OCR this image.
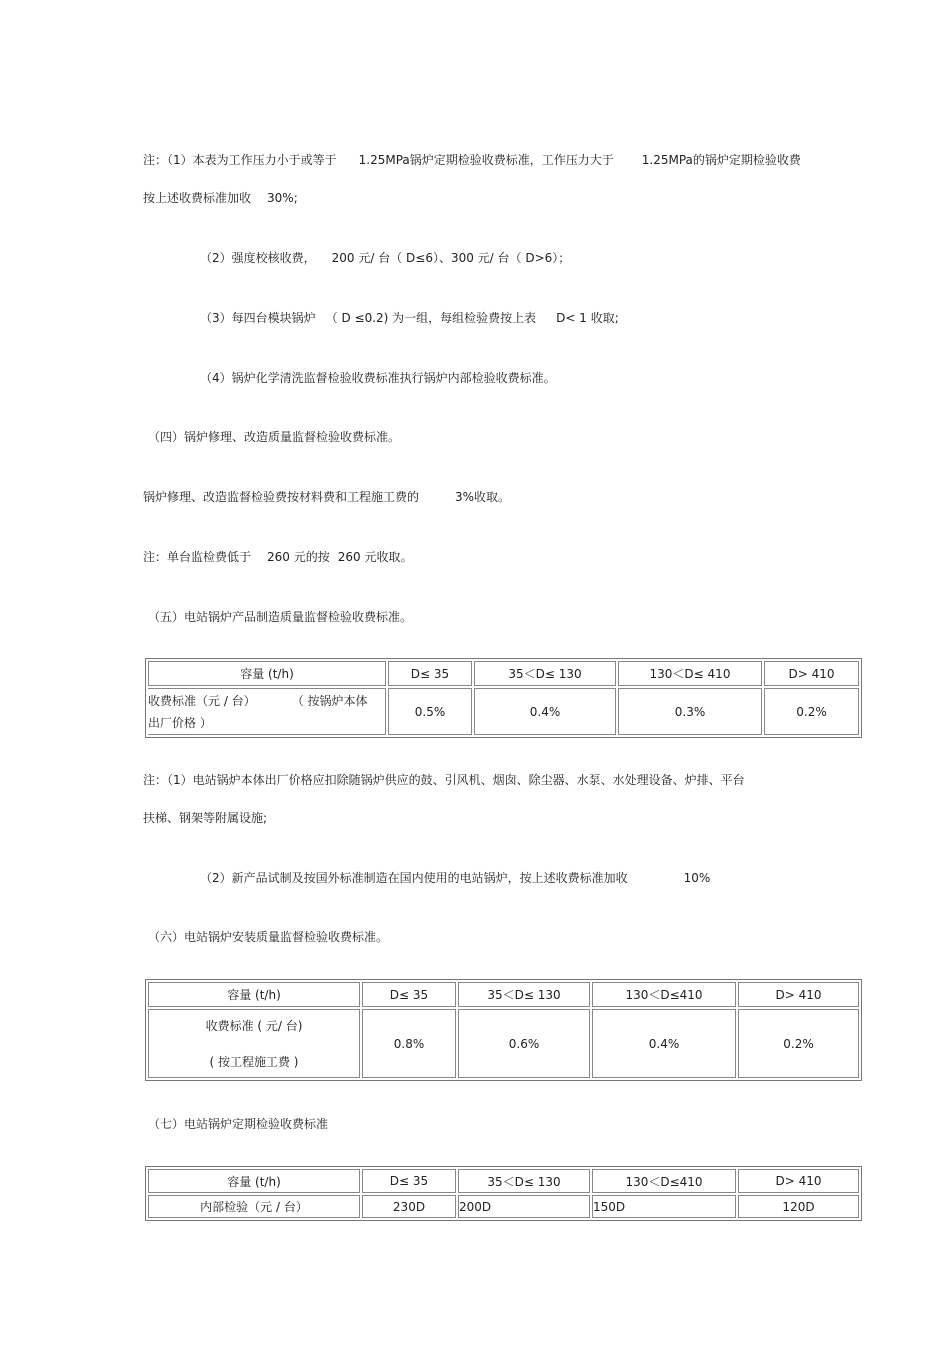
注：（1）本表为工作压力小于或等于 1.25MPa锅炉定期检验收费标准，工作压力大于 1.25MPa的锅炉定期检验收费
按上述收费标准加收 30%;
（2）强度校核收费， 200 元/ 台（ D≤6）、300 元/ 台（ D>6）；
（3）每四台模块锅炉 （ D ≤0.2) 为一组，每组检验费按上表 D< 1 收取;
（4）锅炉化学清洗监督检验收费标准执行锅炉内部检验收费标准。
（四）锅炉修理、改造质量监督检验收费标准。
锅炉修理、改造监督检验费按材料费和工程施工费的	3%收取。
注：单台监检费低于 260 元的按 260 元收取。
（五）电站锅炉产品制造质量监督检验收费标准。
容量 (t/h)	D≤ 35	35＜D≤ 130	130＜D≤ 410	D> 410

收费标准（元 / 台） （ 按锅炉本体
出厂价格 ）	0.5%	0.4%	0.3%	0.2%
注：（1）电站锅炉本体出厂价格应扣除随锅炉供应的鼓、引风机、烟囱、除尘器、水泵、水处理设备、炉排、平台
扶梯、钢架等附属设施;
（2）新产品试制及按国外标准制造在国内使用的电站锅炉，按上述收费标准加收	10%
（六）电站锅炉安装质量监督检验收费标准。
容量 (t/h)	D≤ 35	35＜D≤ 130	130＜D≤410	D> 410

收费标准 ( 元/ 台)
( 按工程施工费 )	0.8%	0.6%	0.4%	0.2%
（七）电站锅炉定期检验收费标准
容量 (t/h)	D≤ 35	35＜D≤ 130	130＜D≤410	D> 410
内部检验（元 / 台）	230D	200D	150D	120D
